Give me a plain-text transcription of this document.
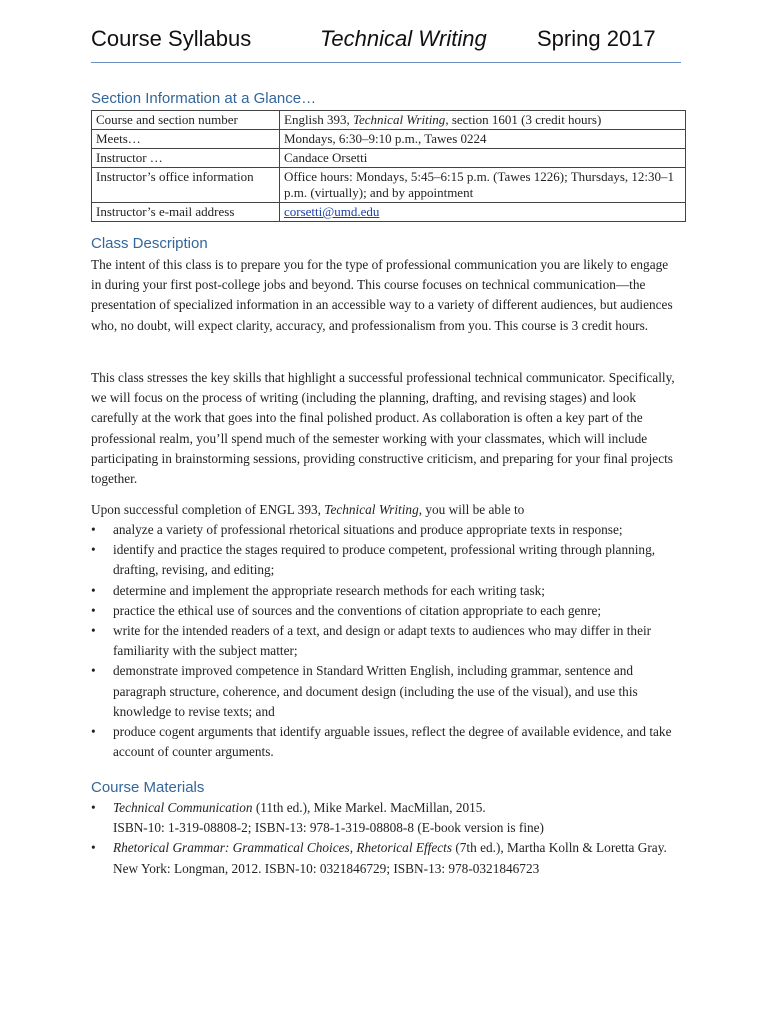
Course Syllabus	Technical Writing Spring 2017
Section Information at a Glance…
Course and section number	English 393, Technical Writing, section 1601 (3 credit hours)
Meets…	Mondays, 6:30–9:10 p.m., Tawes 0224
Instructor …	Candace Orsetti
Instructor’s office information	Office hours: Mondays, 5:45–6:15 p.m. (Tawes 1226); Thursdays, 12:30–1 p.m. (virtually); and by appointment
Instructor’s e-mail address	corsetti@umd.edu
Class Description

The intent of this class is to prepare you for the type of professional communication you are likely to engage in during your first post-college jobs and beyond. This course focuses on technical communication—the presentation of specialized information in an accessible way to a variety of different audiences, but audiences who, no doubt, will expect clarity, accuracy, and professionalism from you. This course is 3 credit hours.

This class stresses the key skills that highlight a successful professional technical communicator. Specifically, we will focus on the process of writing (including the planning, drafting, and revising stages) and look carefully at the work that goes into the final polished product. As collaboration is often a key part of the professional realm, you’ll spend much of the semester working with your classmates, which will include participating in brainstorming sessions, providing constructive criticism, and preparing for your final projects together.

Upon successful completion of ENGL 393, Technical Writing, you will be able to

• analyze a variety of professional rhetorical situations and produce appropriate texts in response;
• identify and practice the stages required to produce competent, professional writing through planning, drafting, revising, and editing;
• determine and implement the appropriate research methods for each writing task;
• practice the ethical use of sources and the conventions of citation appropriate to each genre;
• write for the intended readers of a text, and design or adapt texts to audiences who may differ in their familiarity with the subject matter;
• demonstrate improved competence in Standard Written English, including grammar, sentence and paragraph structure, coherence, and document design (including the use of the visual), and use this knowledge to revise texts; and
• produce cogent arguments that identify arguable issues, reflect the degree of available evidence, and take account of counter arguments.
Course Materials
• Technical Communication (11th ed.), Mike Markel. MacMillan, 2015.
ISBN-10: 1-319-08808-2; ISBN-13: 978-1-319-08808-8 (E-book version is fine)
• Rhetorical Grammar: Grammatical Choices, Rhetorical Effects (7th ed.), Martha Kolln & Loretta Gray. New York: Longman, 2012. ISBN-10: 0321846729; ISBN-13: 978-0321846723
